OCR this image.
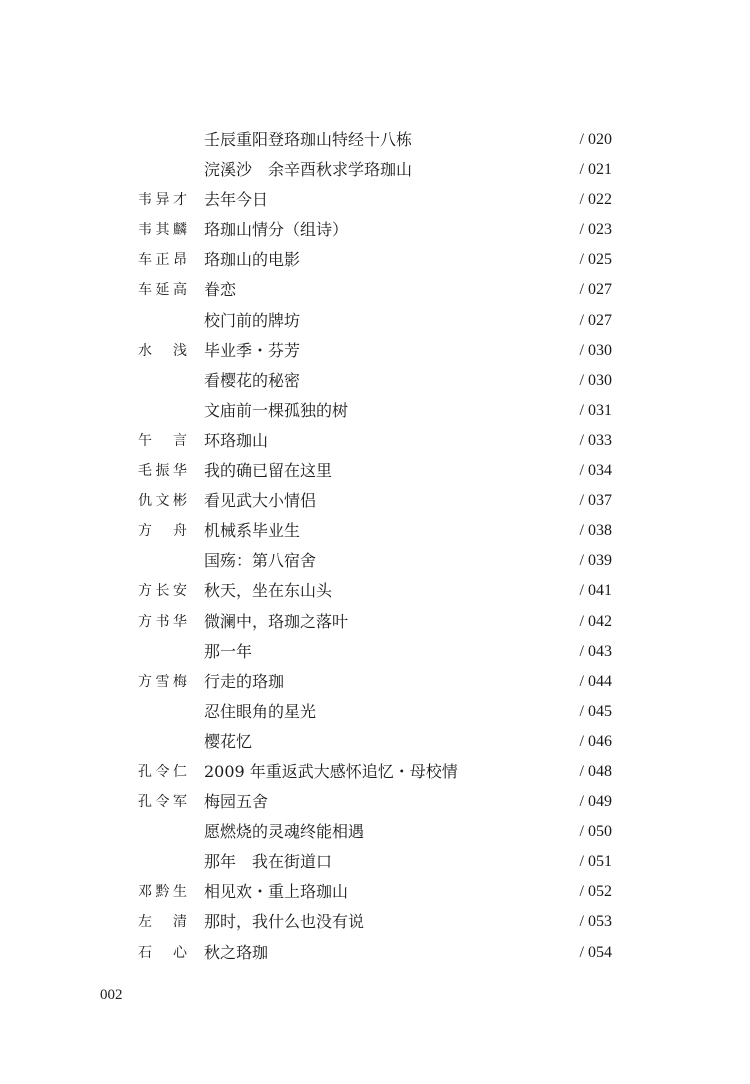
壬辰重阳登珞珈山特经十八栋	/ 020
浣溪沙　余辛酉秋求学珞珈山	/ 021
韦异才 去年今日	/ 022
韦其麟 珞珈山情分（组诗）	/ 023
车正昂 珞珈山的电影	/ 025
车延高 眷恋	/ 027
校门前的牌坊	/ 027
水浅 毕业季・芬芳	/ 030
看樱花的秘密	/ 030
文庙前一棵孤独的树	/ 031
午言 环珞珈山	/ 033
毛振华 我的确已留在这里	/ 034
仇文彬 看见武大小情侣	/ 037
方舟 机械系毕业生	/ 038
国殇：第八宿舍	/ 039
方长安 秋天，坐在东山头	/ 041
方书华 微澜中，珞珈之落叶	/ 042
那一年	/ 043
方雪梅 行走的珞珈	/ 044
忍住眼角的星光	/ 045
樱花忆	/ 046
孔令仁 2009 年重返武大感怀追忆・母校情	/ 048
孔令军 梅园五舍	/ 049
愿燃烧的灵魂终能相遇	/ 050
那年　我在街道口	/ 051
邓黔生 相见欢・重上珞珈山	/ 052
左清 那时，我什么也没有说	/ 053
石心 秋之珞珈	/ 054
002
